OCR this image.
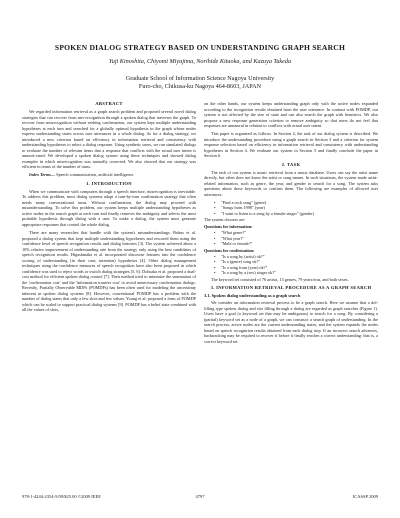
SPOKEN DIALOG STRATEGY BASED ON UNDERSTANDING GRAPH SEARCH
Yuji Kinoshita, Chiyomi Miyajima, Norihide Kitaoka, and Kazuya Takeda
Graduate School of Information Science Nagoya University
Furo-cho, Chikusa-ku Nagoya 464-8603, JAPAN
ABSTRACT

We regarded information retrieval as a graph search problem and proposed several novel dialog strategies that can recover from mis-recognition through a spoken dialog that traverses the graph. To recover from misrecognition without seeking confirmation, our system kept multiple understanding hypotheses at each turn and searched for a globally optimal hypothesis in the graph whose nodes express understanding states across user utterances in a whole dialog. As for a dialog strategy, we introduced a new criterion based on efficiency in information retrieval and consistency with understanding hypotheses to select a dialog response. Using synthetic users, we ran simulated dialogs to evaluate the number of relevant items that a response that conflicts with the actual user intent is unmoti-vated. We developed a spoken dialog system using these techniques and showed dialog examples in which misrecognition was naturally corrected. We also showed that our strategy was efficient in terms of the number of turns.

Index Terms— Speech communication, artificial intelligence
1. INTRODUCTION

When we communicate with computers through a speech interface, misrecognition is inevitable. To address this problem, most dialog systems adopt a turn-by-turn confirmation strategy that often needs many conversational turns. Without confirmation, the dialog may proceed with misunderstanding. To solve this problem, our system keeps multiple understanding hypotheses as active nodes in the search graph at each turn and finally removes the ambiguity and selects the most probable hypothesis through dialog with a user. To make a dialog, the system must generate appropriate responses that control the whole dialog.

There are many researches that handle with the system's misunderstandings. Bohus et al. proposed a dialog system that kept multiple understanding hypotheses and rescored them using the confidence level of speech recognition results and dialog histories [3]. The system achieved about a 10% relative improvement of understanding rate from the strategy only using the best candidates of speech recognition results. Higashinaka et al. incorporated discourse features into the confidence scoring of understanding (in their case, intention) hypotheses [4]. Other dialog management techniques using the confidence measures of speech recognition have also been proposed in which confidence was used to reject words or switch dialog strategies [5, 6]. Dohsaka et al. proposed a dual-cost method for efficient spoken dialog control [7]. Their method tried to minimize the summation of the 'confirmation cost' and the 'information transfer cost' to avoid unnecessary confirmation dialogs. Recently, Partially Observable MDPs (POMDPs) has been often used for modeling the uncertainty inherent in spoken dialog systems [8]. However, conventional POMDP has a problem with the number of dialog states that only a few slots and few values. Young et al. proposed a form of POMDP which can be scaled to support practical dialog systems [9]. POMDP has a belief state combined with all the values of slots,

on the other hands, our system keeps understanding graph only with the active nodes expanded according to the recognition results obtained from the user utterance. In contrast with POMDP, our system is not affected by the size of state and can also search the graph with heuristics. We also propose a new response generation criterion to remove ambiguity so that users do not feel that responses are unnatural in relation to conflicts with actual user intent.

This paper is organized as follows. In Section 2, the task of our dialog system is described. We introduce the understanding procedure using a graph search in Section 3 and a criterion for system response selection based on efficiency in information retrieval and consistency with understanding hypotheses in Section 4. We evaluate our system in Section 5 and finally conclude the paper in Section 6.

2. TASK

The task of our system is music retrieval from a music database. Users can say the artist name directly, but often does not know the artist or song names. In such situations, the system made artist-related information, such as genre, the year, and gender to search for a song. The system asks questions about these keywords to confirm them. The following are examples of allowed user utterances:

• "Find a rock song" (genre)
• "Songs from 1998" (year)
• "I want to listen to a song by a female singer" (gender)
The system chooses are:
Questions for information:
• "What genre?"
• "What year?"
• "Male or female?"
Questions for confirmation:
• "Is a song by (artist) ok?"
• "Is a (genre) song ok?"
• "Is a song from (year) ok?"
• "Is a song by a (sex) singer ok?"

The keyword set consisted of 76 artists, 13 genres, 79 years/eras, and both sexes.

3. INFORMATION RETRIEVAL PROCEDURE AS A GRAPH SEARCH
3.1. Spoken dialog understanding as a graph search

We consider an information retrieval process to be a graph search. Here we assume that a dol-filling type spoken dialog and slot filling through a dialog are regarded as graph searches (Figure 1). Users have a goal (a keyword set that may be ambiguous) to search for a song. By considering a (partial) keyword set as a node of a graph, we can construct a search graph of understanding. In the search process, active nodes are the current understanding states, and the system expands the nodes based on speech recognition results obtained from each dialog step. If an incorrect search advances, backtracking may be required to recover it before it finally reaches a correct understanding: that is, a correct keyword set.

978-1-4244-2354-5/09/$25.00 ©2009 IEEE	4797	ICASSP 2009
